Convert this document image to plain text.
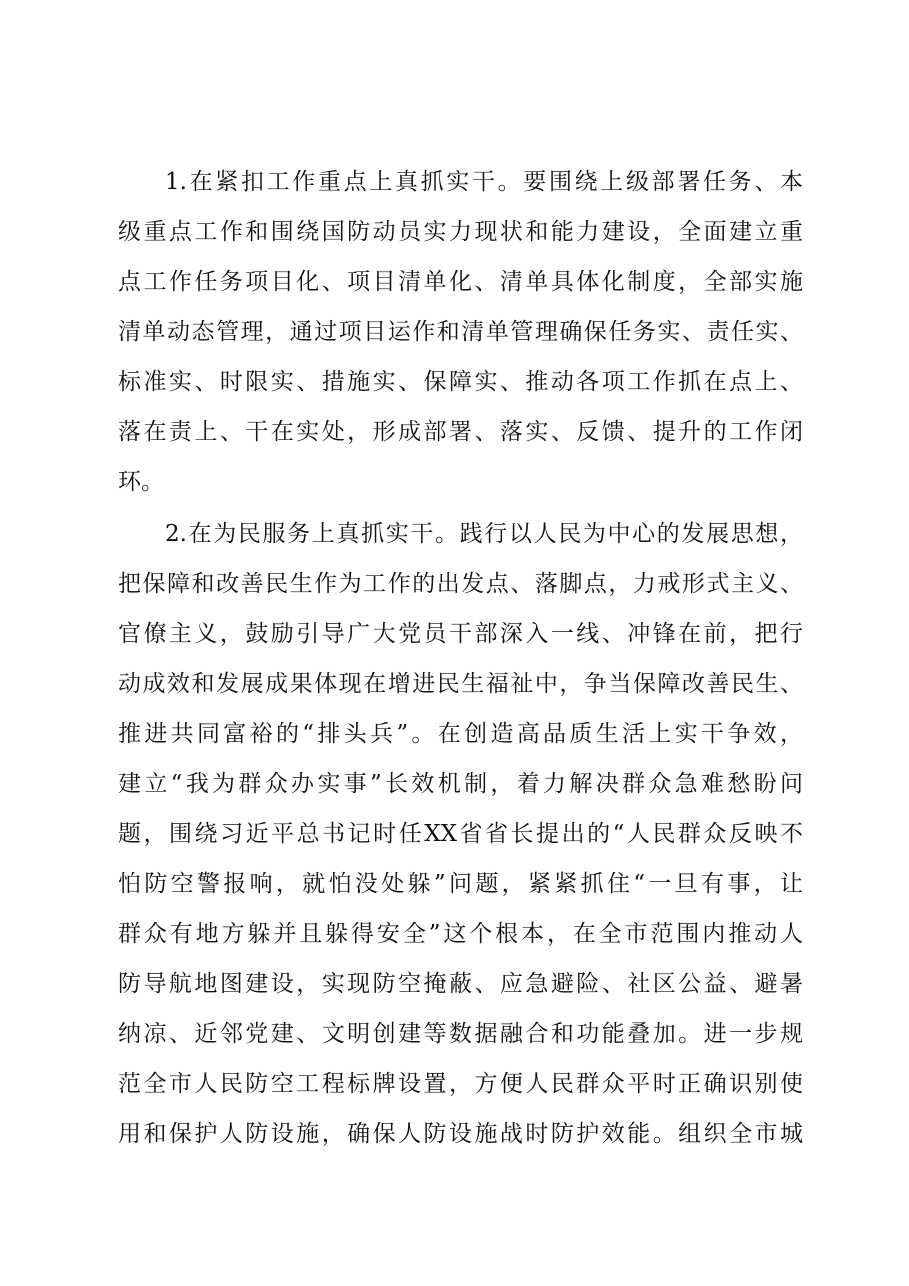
1.在紧扣工作重点上真抓实干。要围绕上级部署任务、本
级重点工作和围绕国防动员实力现状和能力建设，全面建立重
点工作任务项目化、项目清单化、清单具体化制度，全部实施
清单动态管理，通过项目运作和清单管理确保任务实、责任实、
标准实、时限实、措施实、保障实、推动各项工作抓在点上、
落在责上、干在实处，形成部署、落实、反馈、提升的工作闭
环。
2.在为民服务上真抓实干。践行以人民为中心的发展思想，
把保障和改善民生作为工作的出发点、落脚点，力戒形式主义、
官僚主义，鼓励引导广大党员干部深入一线、冲锋在前，把行
动成效和发展成果体现在增进民生福祉中，争当保障改善民生、
推进共同富裕的“排头兵”。在创造高品质生活上实干争效，
建立“我为群众办实事”长效机制，着力解决群众急难愁盼问
题，围绕习近平总书记时任XX省省长提出的“人民群众反映不
怕防空警报响，就怕没处躲”问题，紧紧抓住“一旦有事，让
群众有地方躲并且躲得安全”这个根本，在全市范围内推动人
防导航地图建设，实现防空掩蔽、应急避险、社区公益、避暑
纳凉、近邻党建、文明创建等数据融合和功能叠加。进一步规
范全市人民防空工程标牌设置，方便人民群众平时正确识别使
用和保护人防设施，确保人防设施战时防护效能。组织全市城
